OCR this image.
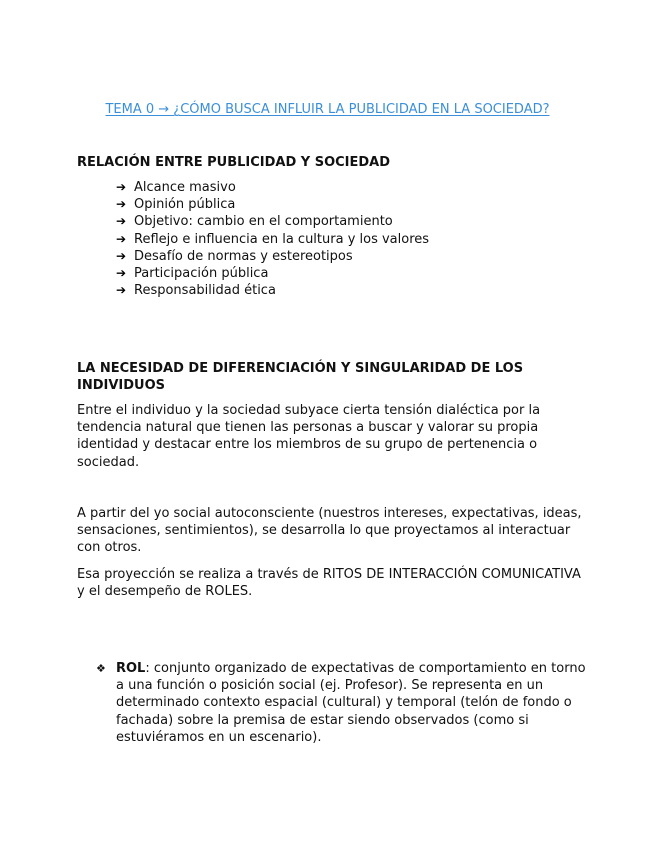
TEMA 0 → ¿CÓMO BUSCA INFLUIR LA PUBLICIDAD EN LA SOCIEDAD?
RELACIÓN ENTRE PUBLICIDAD Y SOCIEDAD
➔ Alcance masivo
➔ Opinión pública
➔ Objetivo: cambio en el comportamiento
➔ Reflejo e influencia en la cultura y los valores
➔ Desafío de normas y estereotipos
➔ Participación pública
➔ Responsabilidad ética
LA NECESIDAD DE DIFERENCIACIÓN Y SINGULARIDAD DE LOS INDIVIDUOS

Entre el individuo y la sociedad subyace cierta tensión dialéctica por la tendencia natural que tienen las personas a buscar y valorar su propia identidad y destacar entre los miembros de su grupo de pertenencia o sociedad.

A partir del yo social autoconsciente (nuestros intereses, expectativas, ideas, sensaciones, sentimientos), se desarrolla lo que proyectamos al interactuar con otros.

Esa proyección se realiza a través de RITOS DE INTERACCIÓN COMUNICATIVA y el desempeño de ROLES.

❖ ROL: conjunto organizado de expectativas de comportamiento en torno a una función o posición social (ej. Profesor). Se representa en un determinado contexto espacial (cultural) y temporal (telón de fondo o fachada) sobre la premisa de estar siendo observados (como si estuviéramos en un escenario).
